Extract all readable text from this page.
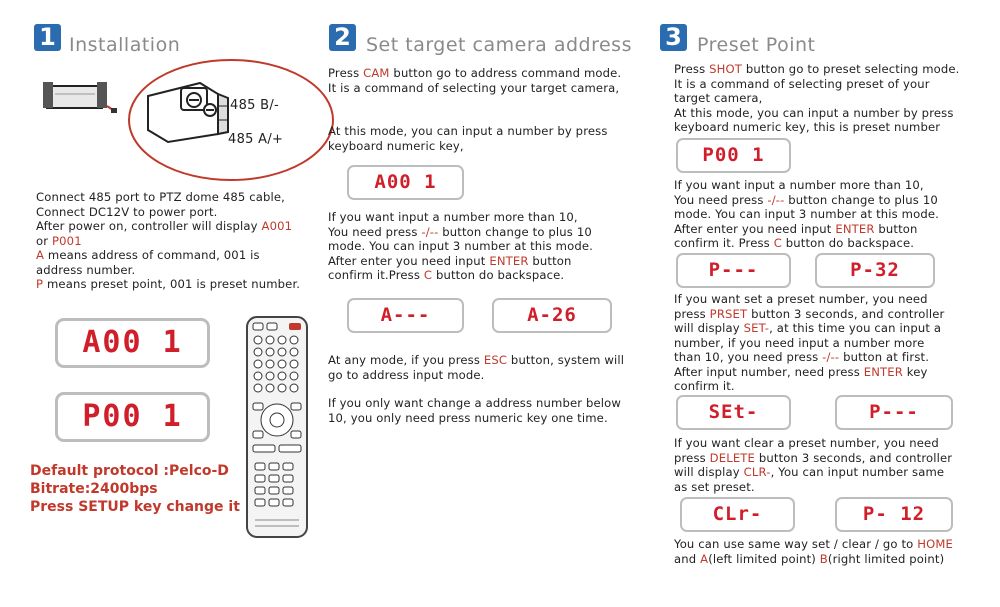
1 Installation
485 B/-
485 A/+
Connect 485 port to PTZ dome 485 cable,
Connect DC12V to power port.
After power on, controller will display A001
or P001
A means address of command, 001 is
address number.
P means preset point, 001 is preset number.
A00 1
P00 1
Default protocol :Pelco-D
Bitrate:2400bps
Press SETUP key change it
2 Set target camera address
Press CAM button go to address command mode.
It is a command of selecting your target camera,
At this mode, you can input a number by press
keyboard numeric key,
A00 1
If you want input a number more than 10,
You need press -/-- button change to plus 10
mode. You can input 3 number at this mode.
After enter you need input ENTER button
confirm it.Press C button do backspace.
A---	A-26
At any mode, if you press ESC button, system will
go to address input mode.
If you only want change a address number below
10, you only need press numeric key one time.
3 Preset Point
Press SHOT button go to preset selecting mode.
It is a command of selecting preset of your
target camera,
At this mode, you can input a number by press
keyboard numeric key, this is preset number
P00 1
If you want input a number more than 10,
You need press -/-- button change to plus 10
mode. You can input 3 number at this mode.
After enter you need input ENTER button
confirm it. Press C button do backspace.
P---	P-32
If you want set a preset number, you need
press PRSET button 3 seconds, and controller
will display SET-, at this time you can input a
number, if you need input a number more
than 10, you need press -/-- button at first.
After input number, need press ENTER key
confirm it.
SEt-	P---
If you want clear a preset number, you need
press DELETE button 3 seconds, and controller
will display CLR-, You can input number same
as set preset.
CLr-	P- 12
You can use same way set / clear / go to HOME
and A(left limited point) B(right limited point)
